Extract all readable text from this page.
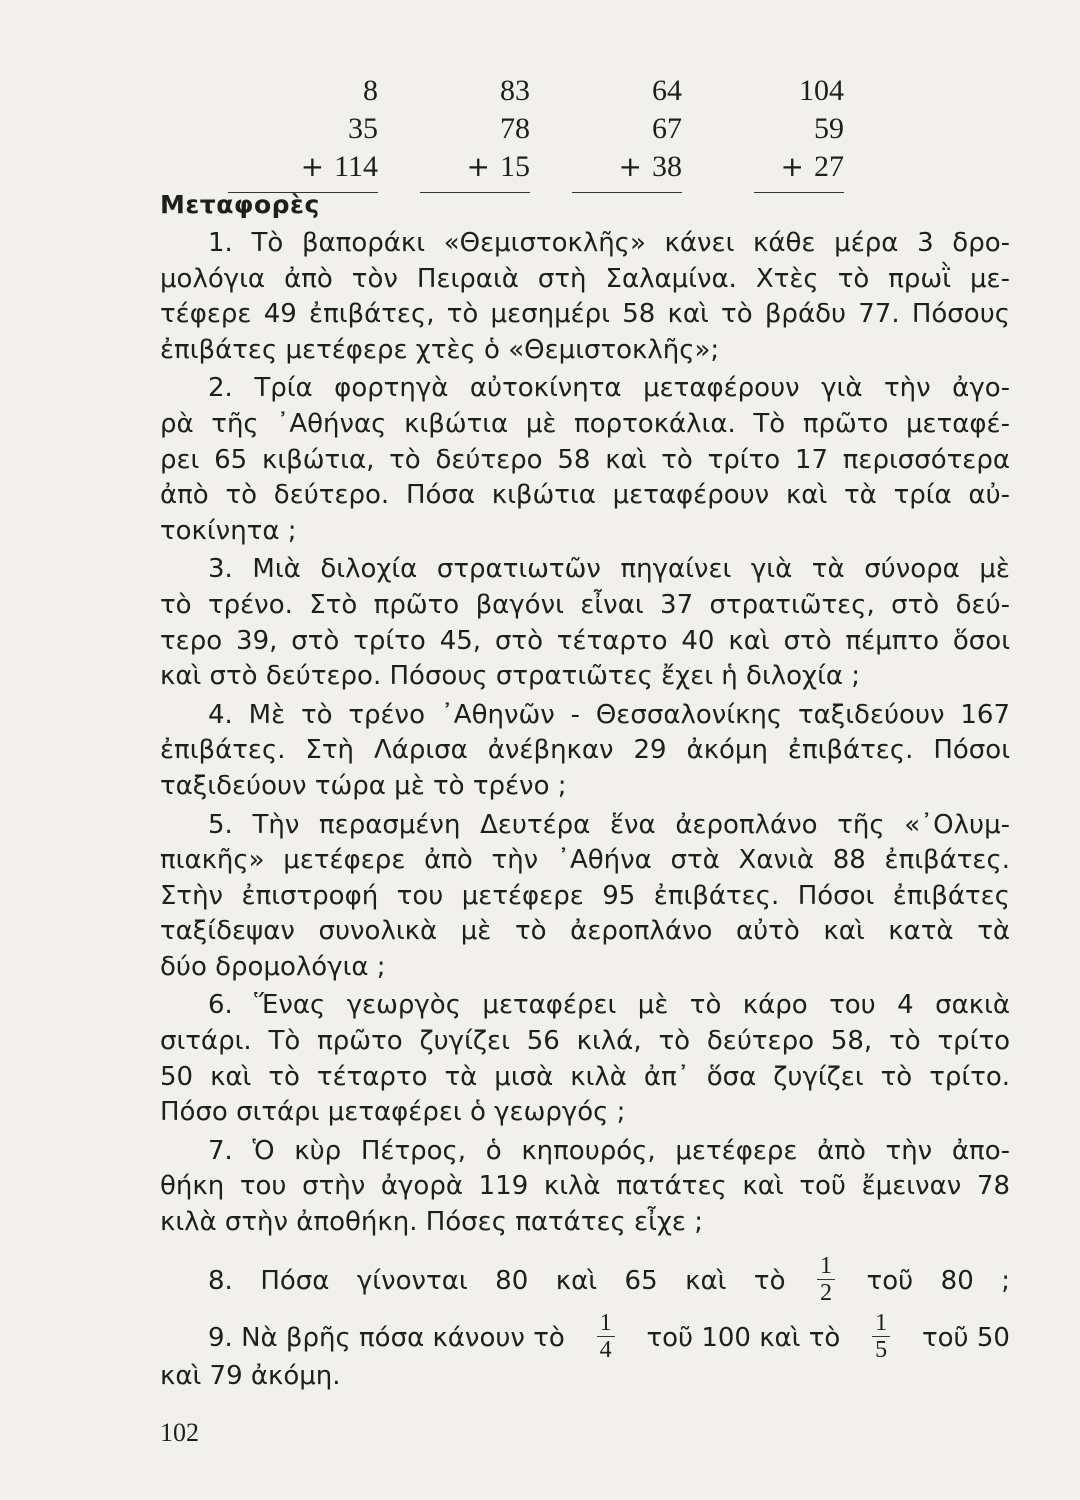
8
35
+ 114
83
78
+ 15
64
67
+ 38
104
59
+ 27
Μεταφορὲς
1. Τὸ βαποράκι «Θεμιστοκλῆς» κάνει κάθε μέρα 3 δρο-
μολόγια ἀπὸ τὸν Πειραιὰ στὴ Σαλαμίνα. Χτὲς τὸ πρωῒ με-
τέφερε 49 ἐπιβάτες, τὸ μεσημέρι 58 καὶ τὸ βράδυ 77. Πόσους
ἐπιβάτες μετέφερε χτὲς ὁ «Θεμιστοκλῆς»;
2. Τρία φορτηγὰ αὐτοκίνητα μεταφέρουν γιὰ τὴν ἀγο-
ρὰ τῆς ᾿Αθήνας κιβώτια μὲ πορτοκάλια. Τὸ πρῶτο μεταφέ-
ρει 65 κιβώτια, τὸ δεύτερο 58 καὶ τὸ τρίτο 17 περισσότερα
ἀπὸ τὸ δεύτερο. Πόσα κιβώτια μεταφέρουν καὶ τὰ τρία αὐ-
τοκίνητα ;
3. Μιὰ διλοχία στρατιωτῶν πηγαίνει γιὰ τὰ σύνορα μὲ
τὸ τρένο. Στὸ πρῶτο βαγόνι εἶναι 37 στρατιῶτες, στὸ δεύ-
τερο 39, στὸ τρίτο 45, στὸ τέταρτο 40 καὶ στὸ πέμπτο ὅσοι
καὶ στὸ δεύτερο. Πόσους στρατιῶτες ἔχει ἡ διλοχία ;
4. Μὲ τὸ τρένο ᾿Αθηνῶν - Θεσσαλονίκης ταξιδεύουν 167
ἐπιβάτες. Στὴ Λάρισα ἀνέβηκαν 29 ἀκόμη ἐπιβάτες. Πόσοι
ταξιδεύουν τώρα μὲ τὸ τρένο ;
5. Τὴν περασμένη Δευτέρα ἕνα ἀεροπλάνο τῆς «᾿Ολυμ-
πιακῆς» μετέφερε ἀπὸ τὴν ᾿Αθήνα στὰ Χανιὰ 88 ἐπιβάτες.
Στὴν ἐπιστροφή του μετέφερε 95 ἐπιβάτες. Πόσοι ἐπιβάτες
ταξίδεψαν συνολικὰ μὲ τὸ ἀεροπλάνο αὐτὸ καὶ κατὰ τὰ
δύο δρομολόγια ;
6. Ἕνας γεωργὸς μεταφέρει μὲ τὸ κάρο του 4 σακιὰ
σιτάρι. Τὸ πρῶτο ζυγίζει 56 κιλά, τὸ δεύτερο 58, τὸ τρίτο
50 καὶ τὸ τέταρτο τὰ μισὰ κιλὰ ἀπ᾿ ὅσα ζυγίζει τὸ τρίτο.
Πόσο σιτάρι μεταφέρει ὁ γεωργός ;
7. Ὁ κὺρ Πέτρος, ὁ κηπουρός, μετέφερε ἀπὸ τὴν ἀπο-
θήκη του στὴν ἀγορὰ 119 κιλὰ πατάτες καὶ τοῦ ἔμειναν 78
κιλὰ στὴν ἀποθήκη. Πόσες πατάτες εἶχε ;
8. Πόσα γίνονται 80 καὶ 65 καὶ τὸ $\frac{1}{2}$ τοῦ 80 ;
9. Νὰ βρῆς πόσα κάνουν τὸ $\frac{1}{4}$ τοῦ 100 καὶ τὸ $\frac{1}{5}$ τοῦ 50
καὶ 79 ἀκόμη.
102
